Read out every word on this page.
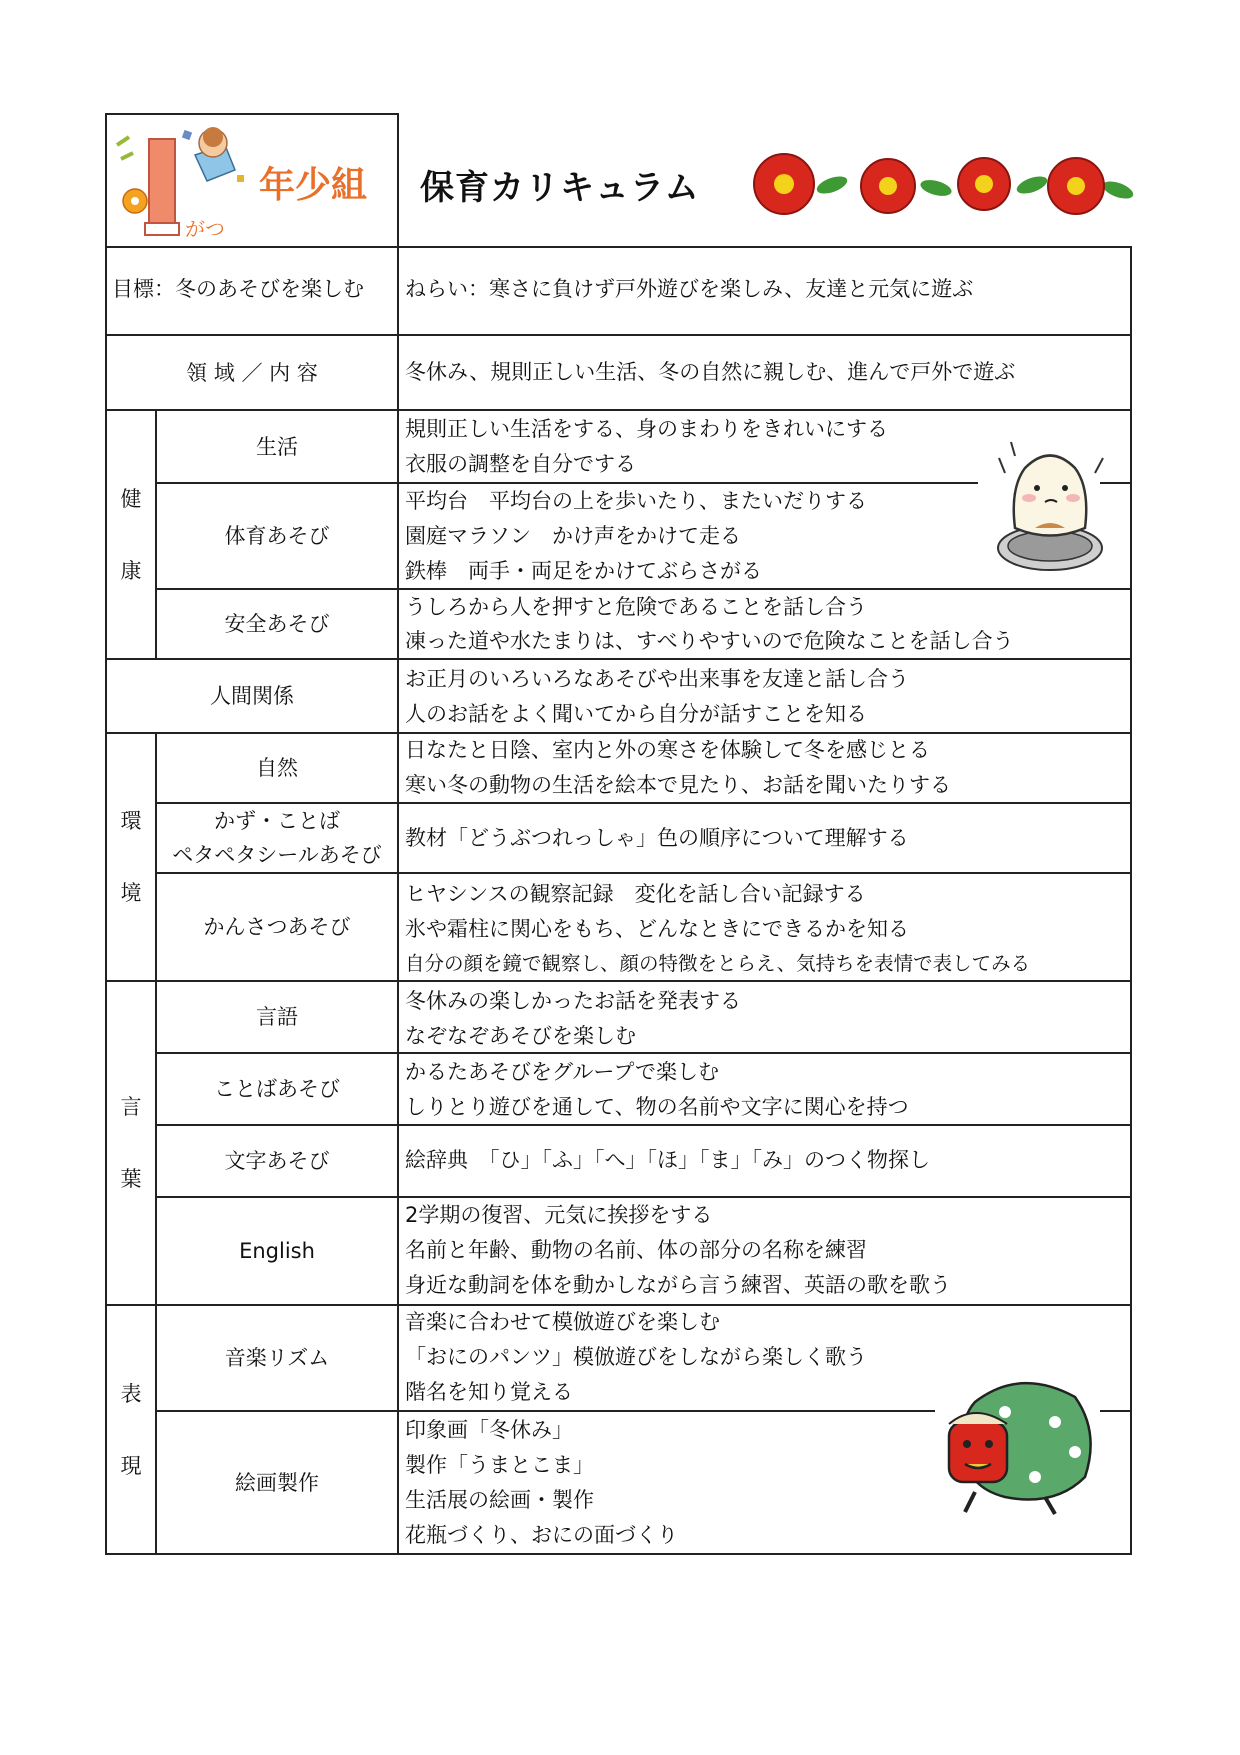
がつ
年少組 保育カリキュラム
目標：冬のあそびを楽しむ ねらい：寒さに負けず戸外遊びを楽しみ、友達と元気に遊ぶ
領 域 ／ 内 容	冬休み、規則正しい生活、冬の自然に親しむ、進んで戸外で遊ぶ
健
康
生活
規則正しい生活をする、身のまわりをきれいにする
衣服の調整を自分でする
体育あそび
平均台　平均台の上を歩いたり、またいだりする
園庭マラソン　かけ声をかけて走る
鉄棒　両手・両足をかけてぶらさがる
安全あそび
うしろから人を押すと危険であることを話し合う
凍った道や水たまりは、すべりやすいので危険なことを話し合う
人間関係
お正月のいろいろなあそびや出来事を友達と話し合う
人のお話をよく聞いてから自分が話すことを知る
環
境
自然
日なたと日陰、室内と外の寒さを体験して冬を感じとる
寒い冬の動物の生活を絵本で見たり、お話を聞いたりする
かず・ことば
ペタペタシールあそび
教材「どうぶつれっしゃ」色の順序について理解する
かんさつあそび
ヒヤシンスの観察記録　変化を話し合い記録する
氷や霜柱に関心をもち、どんなときにできるかを知る
自分の顔を鏡で観察し、顔の特徴をとらえ、気持ちを表情で表してみる
言
葉
言語
冬休みの楽しかったお話を発表する
なぞなぞあそびを楽しむ
ことばあそび
かるたあそびをグループで楽しむ
しりとり遊びを通して、物の名前や文字に関心を持つ
文字あそび	絵辞典　「ひ」「ふ」「へ」「ほ」「ま」「み」のつく物探し
English
2学期の復習、元気に挨拶をする
名前と年齢、動物の名前、体の部分の名称を練習
身近な動詞を体を動かしながら言う練習、英語の歌を歌う
表
現
音楽リズム
音楽に合わせて模倣遊びを楽しむ
「おにのパンツ」模倣遊びをしながら楽しく歌う
階名を知り覚える
絵画製作
印象画「冬休み」
製作「うまとこま」
生活展の絵画・製作
花瓶づくり、おにの面づくり
